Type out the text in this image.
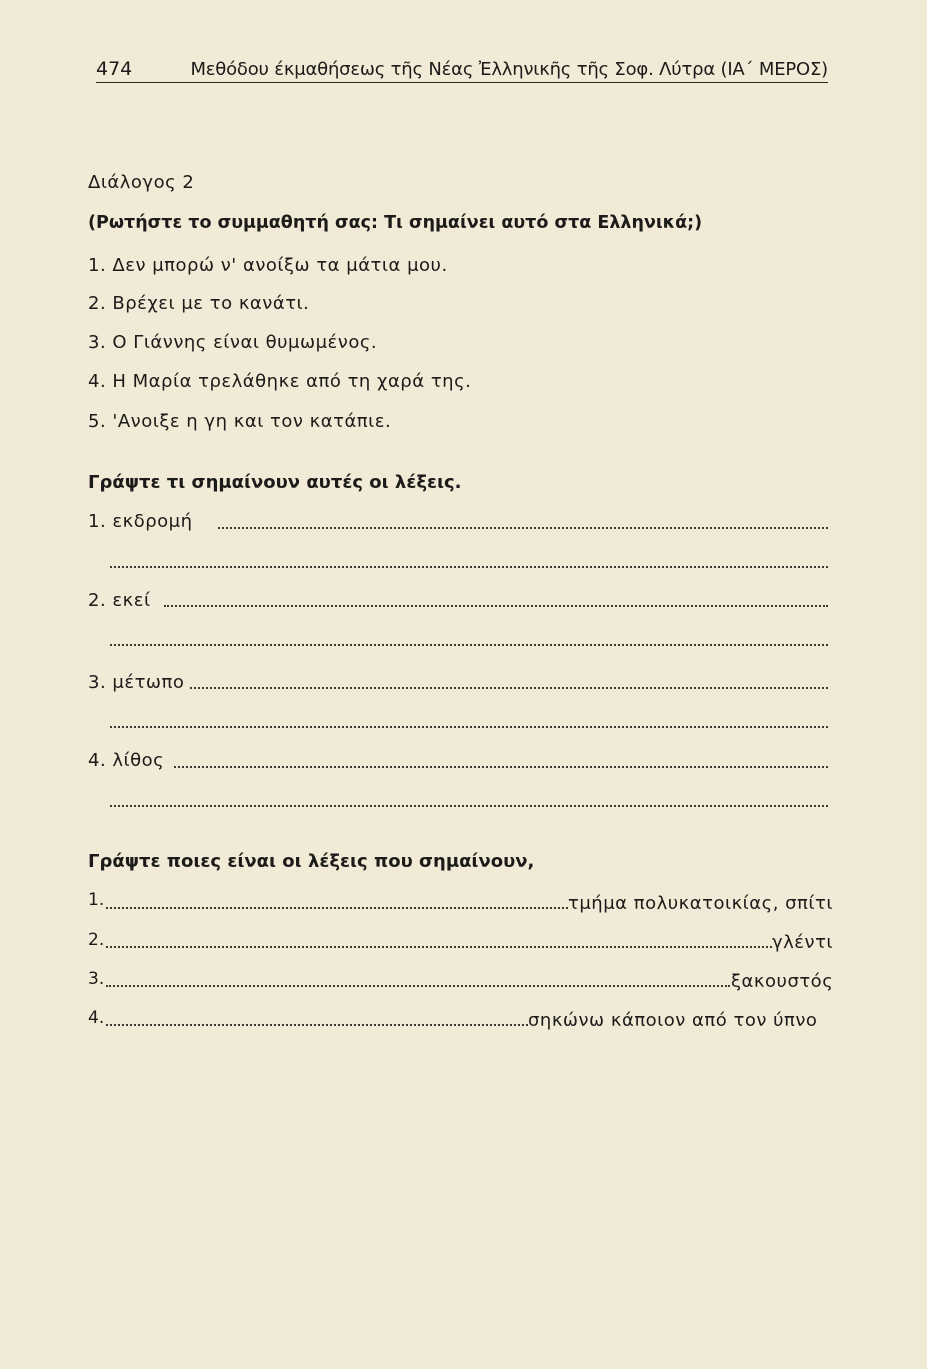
474	Μεθόδου έκμαθήσεως τῆς Νέας Ἐλληνικῆς τῆς Σοφ. Λύτρα (ΙΑ΄ ΜΕΡΟΣ)
Διάλογος 2
(Ρωτήστε το συμμαθητή σας: Τι σημαίνει αυτό στα Ελληνικά;)
1. Δεν μπορώ ν' ανοίξω τα μάτια μου.
2. Βρέχει με το κανάτι.
3. Ο Γιάννης είναι θυμωμένος.
4. Η Μαρία τρελάθηκε από τη χαρά της.
5. 'Ανοιξε η γη και τον κατάπιε.
Γράψτε τι σημαίνουν αυτές οι λέξεις.
1. εκδρομή
2. εκεί
3. μέτωπο
4. λίθος
Γράψτε ποιες είναι οι λέξεις που σημαίνουν,
1.	τμήμα πολυκατοικίας, σπίτι
2.	γλέντι
3.	ξακουστός
4.	σηκώνω κάποιον από τον ύπνο
